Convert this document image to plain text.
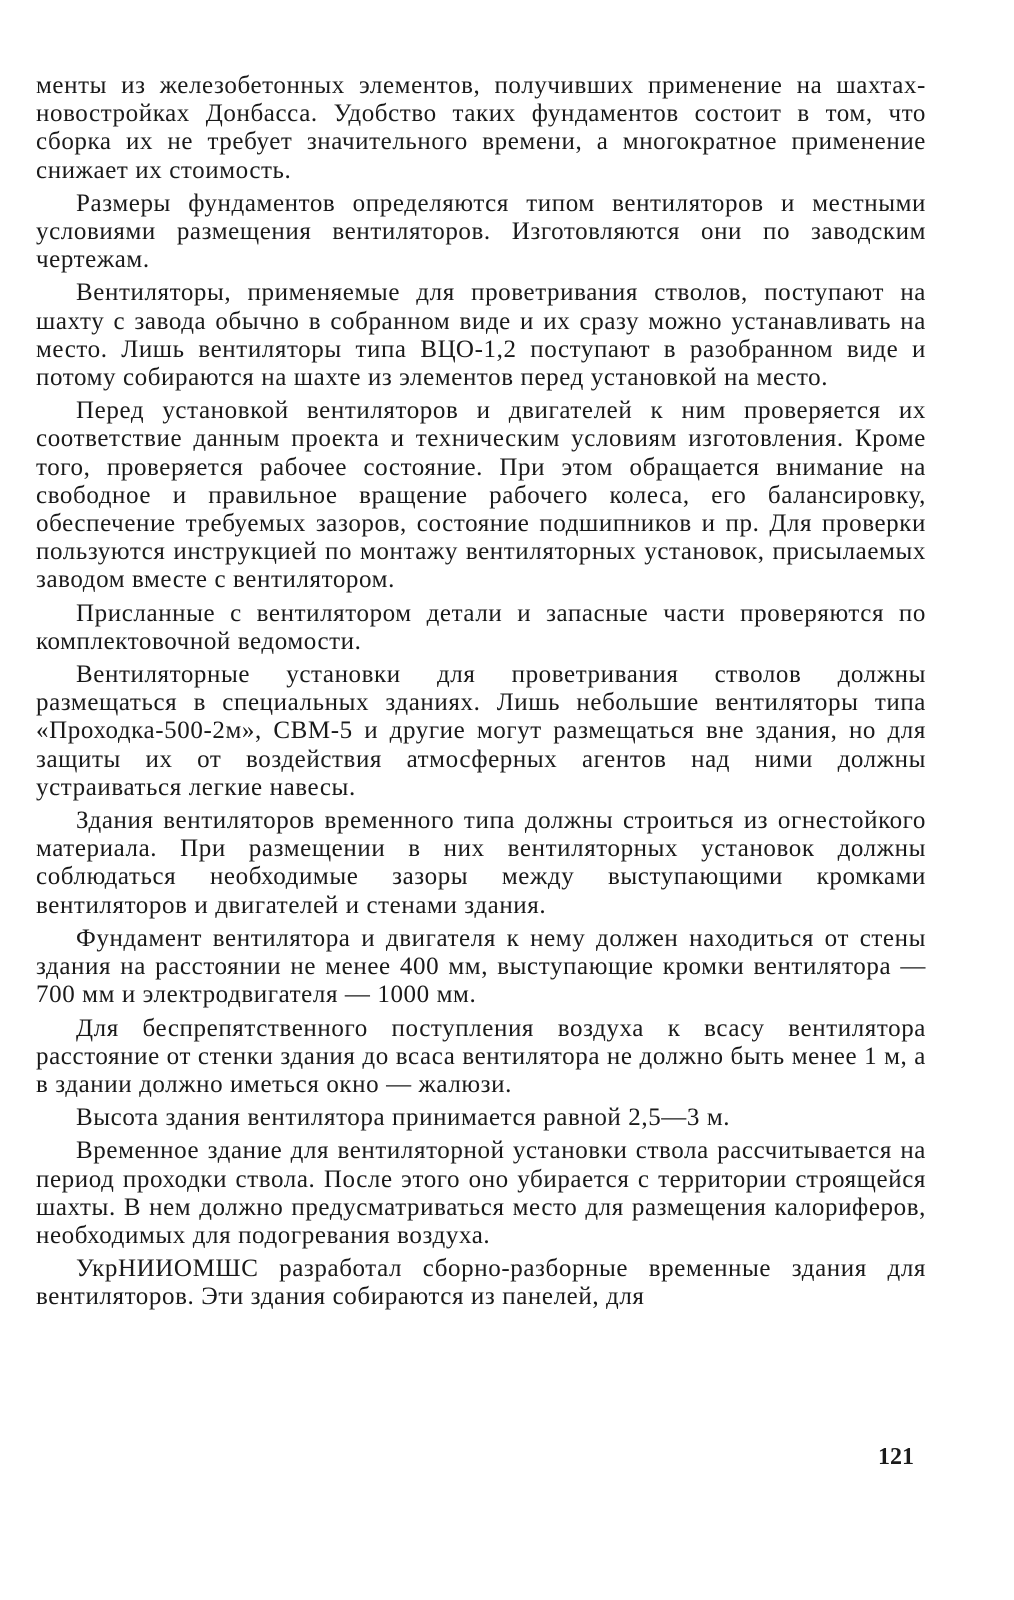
менты из железобетонных элементов, получивших применение на шахтах-новостройках Донбасса. Удобство таких фундаментов состоит в том, что сборка их не требует значительного времени, а многократное применение снижает их стоимость.

Размеры фундаментов определяются типом вентиляторов и местными условиями размещения вентиляторов. Изготовляются они по заводским чертежам.

Вентиляторы, применяемые для проветривания стволов, поступают на шахту с завода обычно в собранном виде и их сразу можно устанавливать на место. Лишь вентиляторы типа ВЦО-1,2 поступают в разобранном виде и потому собираются на шахте из элементов перед установкой на место.

Перед установкой вентиляторов и двигателей к ним проверяется их соответствие данным проекта и техническим условиям изготовления. Кроме того, проверяется рабочее состояние. При этом обращается внимание на свободное и правильное вращение рабочего колеса, его балансировку, обеспечение требуемых зазоров, состояние подшипников и пр. Для проверки пользуются инструкцией по монтажу вентиляторных установок, присылаемых заводом вместе с вентилятором.

Присланные с вентилятором детали и запасные части проверяются по комплектовочной ведомости.

Вентиляторные установки для проветривания стволов должны размещаться в специальных зданиях. Лишь небольшие вентиляторы типа «Проходка-500-2м», СВМ-5 и другие могут размещаться вне здания, но для защиты их от воздействия атмосферных агентов над ними должны устраиваться легкие навесы.

Здания вентиляторов временного типа должны строиться из огнестойкого материала. При размещении в них вентиляторных установок должны соблюдаться необходимые зазоры между выступающими кромками вентиляторов и двигателей и стенами здания.

Фундамент вентилятора и двигателя к нему должен находиться от стены здания на расстоянии не менее 400 мм, выступающие кромки вентилятора — 700 мм и электродвигателя — 1000 мм.

Для беспрепятственного поступления воздуха к всасу вентилятора расстояние от стенки здания до всаса вентилятора не должно быть менее 1 м, а в здании должно иметься окно — жалюзи.

Высота здания вентилятора принимается равной 2,5—3 м.

Временное здание для вентиляторной установки ствола рассчитывается на период проходки ствола. После этого оно убирается с территории строящейся шахты. В нем должно предусматриваться место для размещения калориферов, необходимых для подогревания воздуха.

УкрНИИОМШС разработал сборно-разборные временные здания для вентиляторов. Эти здания собираются из панелей, для

121
